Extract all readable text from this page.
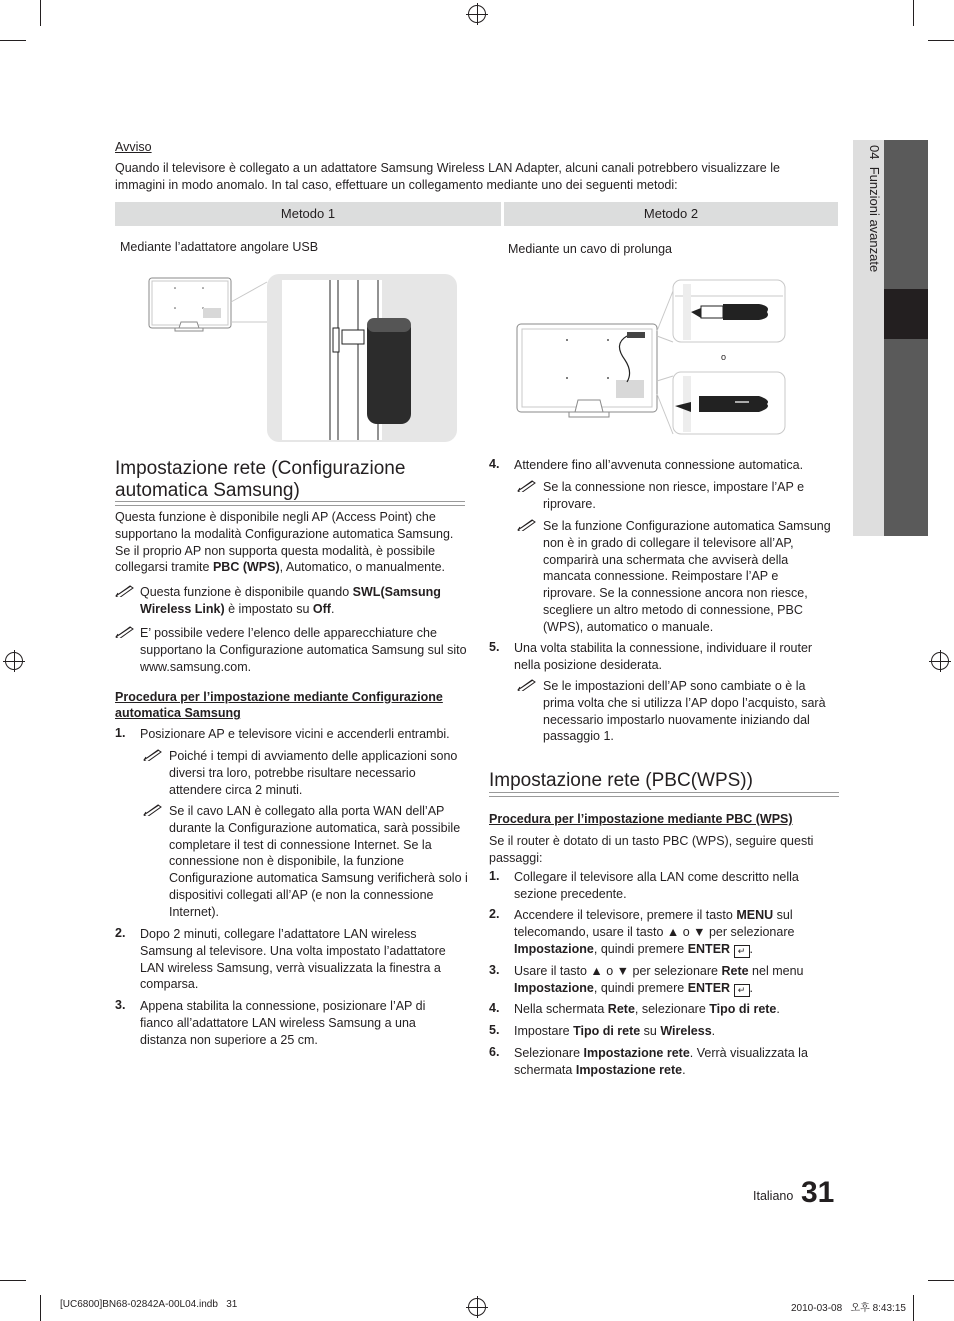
04  Funzioni avanzate
Avviso
Quando il televisore è collegato a un adattatore Samsung Wireless LAN Adapter, alcuni canali potrebbero visualizzare le immagini in modo anomalo. In tal caso, effettuare un collegamento mediante uno dei seguenti metodi:
Metodo 1	Metodo 2
Mediante l’adattatore angolare USB	Mediante un cavo di prolunga
o
Impostazione rete (Configurazione automatica Samsung)
Questa funzione è disponibile negli AP (Access Point) che supportano la modalità Configurazione automatica Samsung. Se il proprio AP non supporta questa modalità, è possibile collegarsi tramite PBC (WPS), Automatico, o manualmente.
Questa funzione è disponibile quando SWL(Samsung Wireless Link) è impostato su Off.
E’ possibile vedere l’elenco delle apparecchiature che supportano la Configurazione automatica Samsung sul sito www.samsung.com.
Procedura per l’impostazione mediante Configurazione automatica Samsung
1. Posizionare AP e televisore vicini e accenderli entrambi.
Poiché i tempi di avviamento delle applicazioni sono diversi tra loro, potrebbe risultare necessario attendere circa 2 minuti.
Se il cavo LAN è collegato alla porta WAN dell’AP durante la Configurazione automatica, sarà possibile completare il test di connessione Internet. Se la connessione non è disponibile, la funzione Configurazione automatica Samsung verificherà solo i dispositivi collegati all’AP (e non la connessione Internet).
2. Dopo 2 minuti, collegare l’adattatore LAN wireless Samsung al televisore. Una volta impostato l’adattatore LAN wireless Samsung, verrà visualizzata la finestra a comparsa.
3. Appena stabilita la connessione, posizionare l’AP di fianco all’adattatore LAN wireless Samsung a una distanza non superiore a 25 cm.
4. Attendere fino all’avvenuta connessione automatica.
Se la connessione non riesce, impostare l’AP e riprovare.
Se la funzione Configurazione automatica Samsung non è in grado di collegare il televisore all’AP, comparirà una schermata che avviserà della mancata connessione. Reimpostare l’AP e riprovare. Se la connessione ancora non riesce, scegliere un altro metodo di connessione, PBC (WPS), automatico o manuale.
5. Una volta stabilita la connessione, individuare il router nella posizione desiderata.
Se le impostazioni dell’AP sono cambiate o è la prima volta che si utilizza l’AP dopo l’acquisto, sarà necessario impostarlo nuovamente iniziando dal passaggio 1.
Impostazione rete (PBC(WPS))
Procedura per l’impostazione mediante PBC (WPS)
Se il router è dotato di un tasto PBC (WPS), seguire questi passaggi:
1. Collegare il televisore alla LAN come descritto nella sezione precedente.
2. Accendere il televisore, premere il tasto MENU sul telecomando, usare il tasto ▲ o ▼ per selezionare Impostazione, quindi premere ENTER ↵ .
3. Usare il tasto ▲ o ▼ per selezionare Rete nel menu Impostazione, quindi premere ENTER ↵ .
4. Nella schermata Rete, selezionare Tipo di rete.
5. Impostare Tipo di rete su Wireless.
6. Selezionare Impostazione rete. Verrà visualizzata la schermata Impostazione rete.
Italiano 31
[UC6800]BN68-02842A-00L04.indb   31	2010-03-08   오후 8:43:15
